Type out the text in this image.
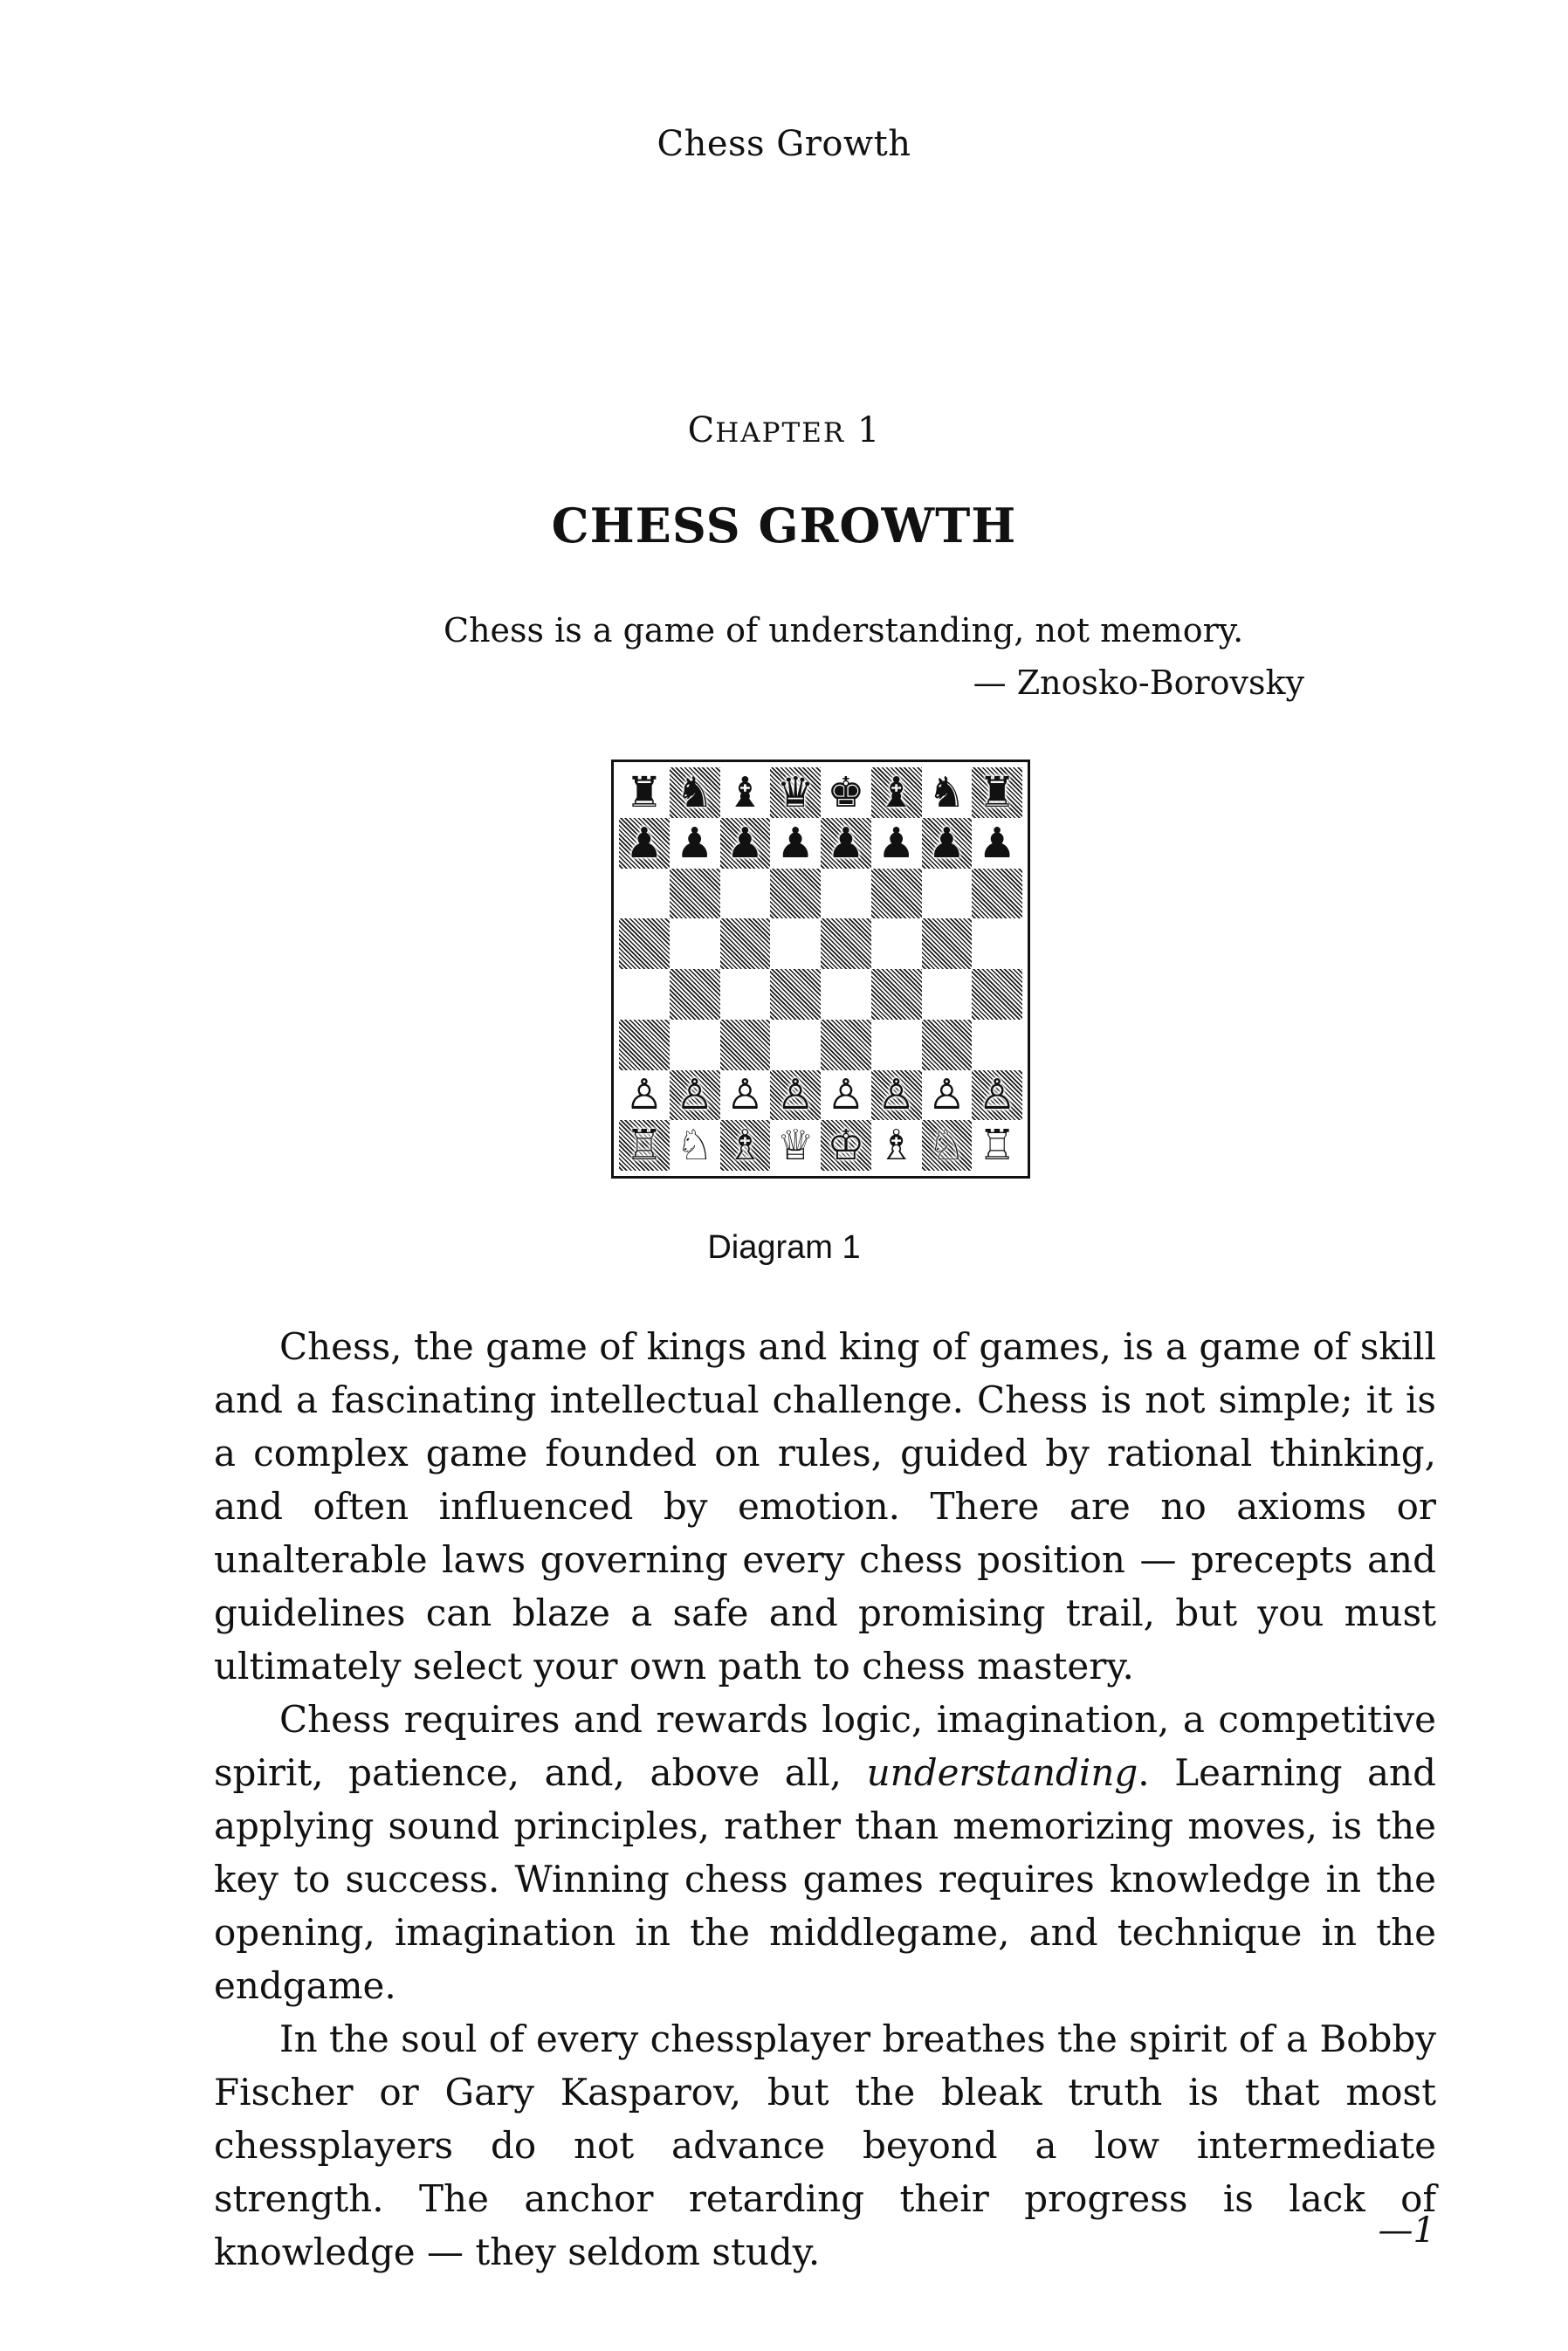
Chess Growth
CHAPTER 1
CHESS GROWTH
Chess is a game of understanding, not memory.
— Znosko-Borovsky
♜ ♞ ♝ ♛ ♚ ♝ ♞ ♜
♟ ♟ ♟ ♟ ♟ ♟ ♟ ♟
♙ ♙ ♙ ♙ ♙ ♙ ♙ ♙
♖ ♘ ♗ ♕ ♔ ♗ ♘ ♖
Diagram 1

Chess, the game of kings and king of games, is a game of skill and a fascinating intellectual challenge. Chess is not simple; it is a complex game founded on rules, guided by rational thinking, and often influenced by emotion. There are no axioms or unalterable laws governing every chess position — precepts and guidelines can blaze a safe and promising trail, but you must ultimately select your own path to chess mastery.

Chess requires and rewards logic, imagination, a competitive spirit, patience, and, above all, understanding. Learning and applying sound principles, rather than memorizing moves, is the key to success. Winning chess games requires knowledge in the opening, imagination in the middlegame, and technique in the endgame.

In the soul of every chessplayer breathes the spirit of a Bobby Fischer or Gary Kasparov, but the bleak truth is that most chessplayers do not advance beyond a low intermediate strength. The anchor retarding their progress is lack of knowledge — they seldom study.	—1
